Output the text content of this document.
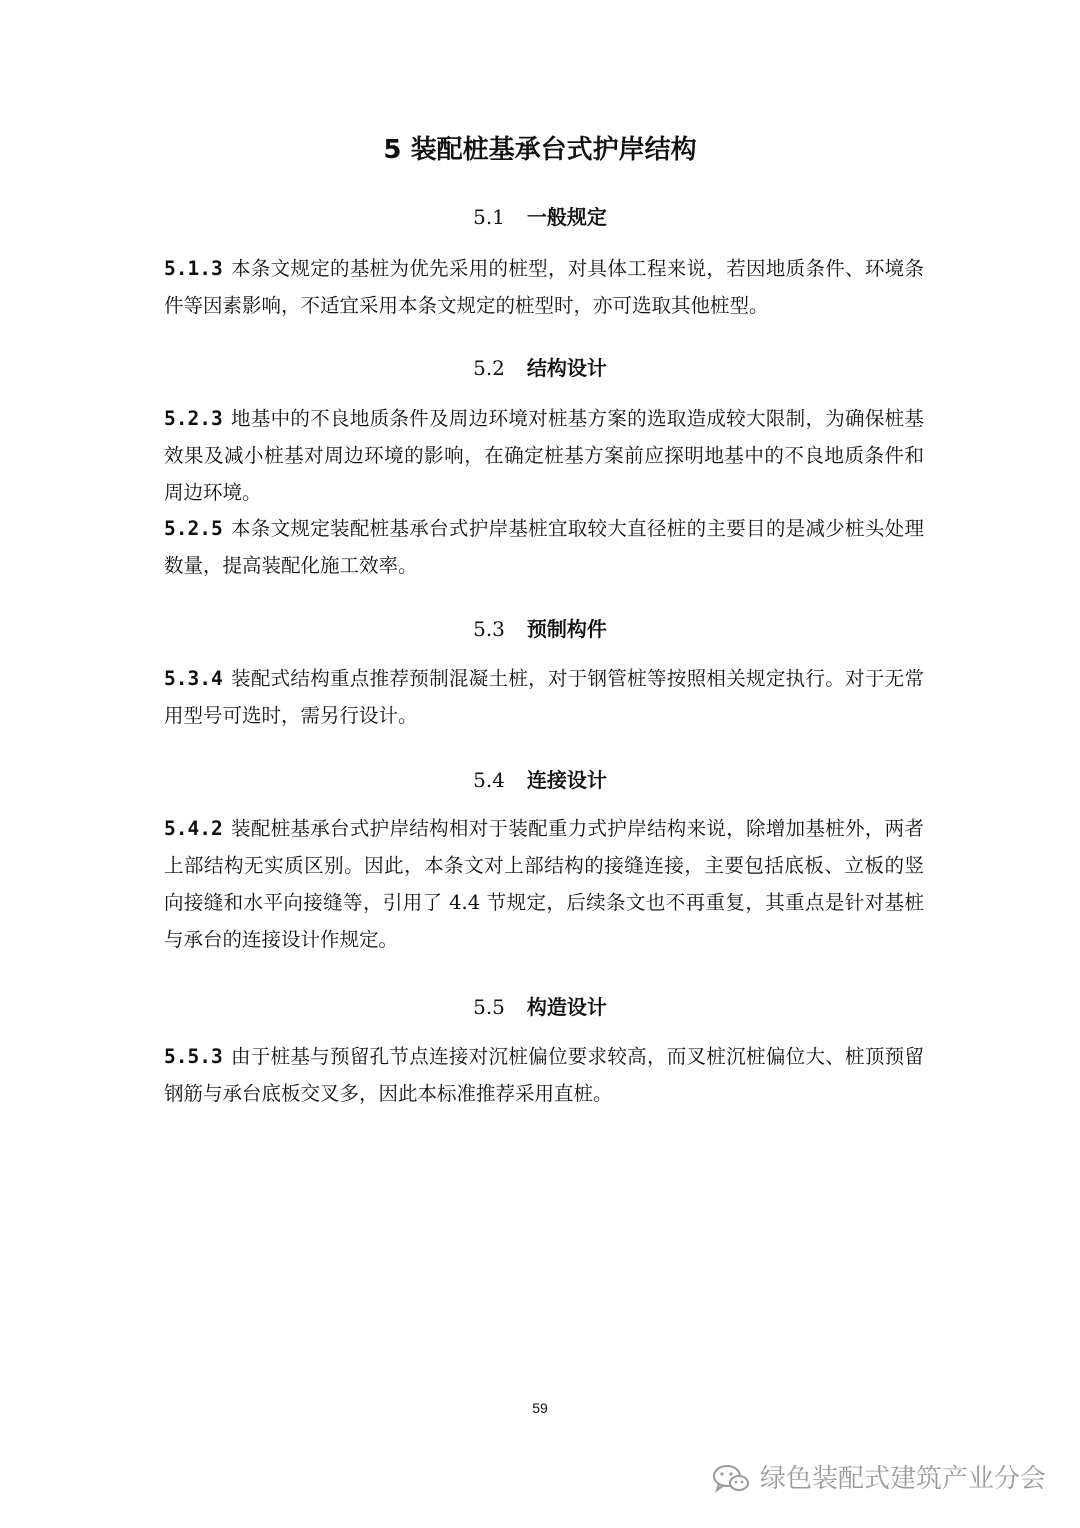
5 装配桩基承台式护岸结构
5.1 一般规定

5.1.3 本条文规定的基桩为优先采用的桩型，对具体工程来说，若因地质条件、环境条件等因素影响，不适宜采用本条文规定的桩型时，亦可选取其他桩型。

5.2 结构设计

5.2.3 地基中的不良地质条件及周边环境对桩基方案的选取造成较大限制，为确保桩基效果及减小桩基对周边环境的影响，在确定桩基方案前应探明地基中的不良地质条件和周边环境。

5.2.5 本条文规定装配桩基承台式护岸基桩宜取较大直径桩的主要目的是减少桩头处理数量，提高装配化施工效率。

5.3 预制构件

5.3.4 装配式结构重点推荐预制混凝土桩，对于钢管桩等按照相关规定执行。对于无常用型号可选时，需另行设计。

5.4 连接设计

5.4.2 装配桩基承台式护岸结构相对于装配重力式护岸结构来说，除增加基桩外，两者上部结构无实质区别。因此，本条文对上部结构的接缝连接，主要包括底板、立板的竖向接缝和水平向接缝等，引用了 4.4 节规定，后续条文也不再重复，其重点是针对基桩与承台的连接设计作规定。

5.5 构造设计

5.5.3 由于桩基与预留孔节点连接对沉桩偏位要求较高，而叉桩沉桩偏位大、桩顶预留钢筋与承台底板交叉多，因此本标准推荐采用直桩。

59
绿色装配式建筑产业分会
